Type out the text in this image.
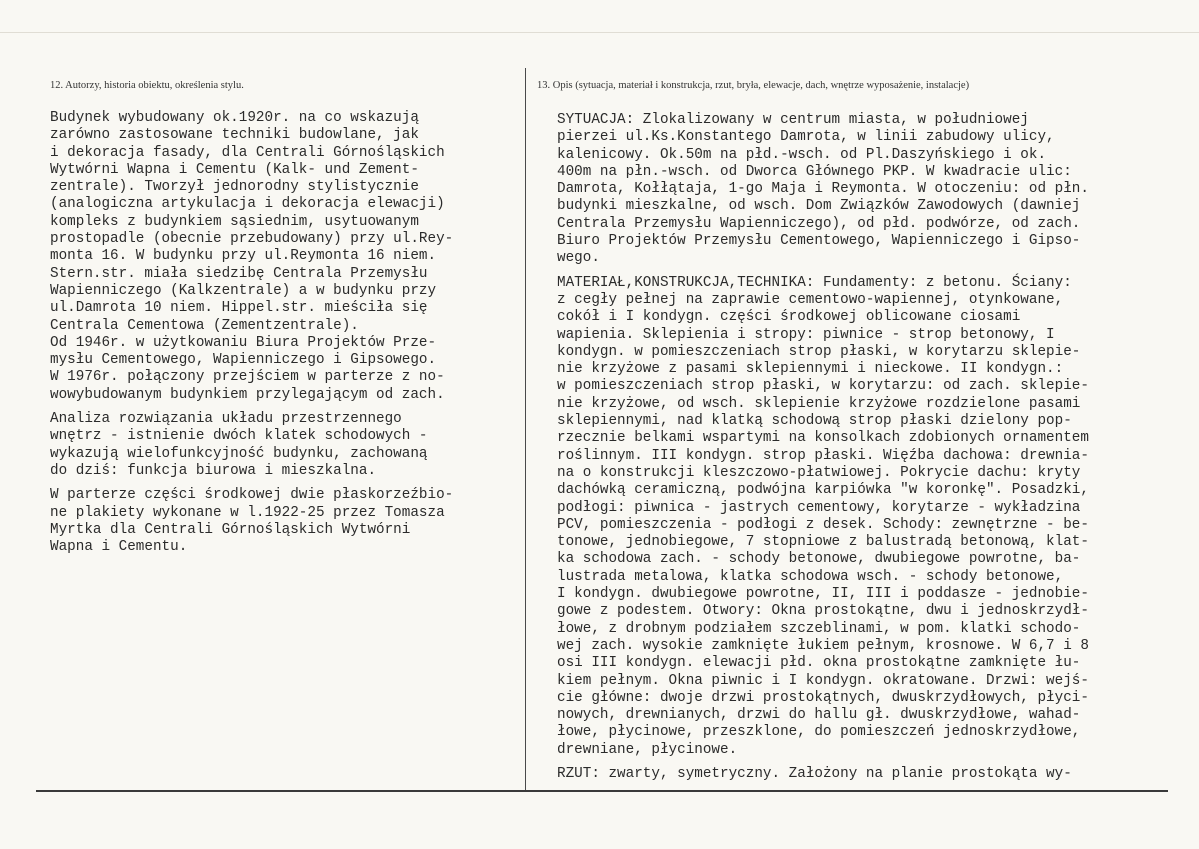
12. Autorzy, historia obiektu, określenia stylu.	13. Opis (sytuacja, materiał i konstrukcja, rzut, bryła, elewacje, dach, wnętrze wyposażenie, instalacje)
Budynek wybudowany ok.1920r. na co wskazują
zarówno zastosowane techniki budowlane, jak
i dekoracja fasady, dla Centrali Górnośląskich
Wytwórni Wapna i Cementu (Kalk- und Zement-
zentrale). Tworzył jednorodny stylistycznie
(analogiczna artykulacja i dekoracja elewacji)
kompleks z budynkiem sąsiednim, usytuowanym
prostopadle (obecnie przebudowany) przy ul.Rey-
monta 16. W budynku przy ul.Reymonta 16 niem.
Stern.str. miała siedzibę Centrala Przemysłu
Wapienniczego (Kalkzentrale) a w budynku przy
ul.Damrota 10 niem. Hippel.str. mieściła się
Centrala Cementowa (Zementzentrale).
Od 1946r. w użytkowaniu Biura Projektów Prze-
mysłu Cementowego, Wapienniczego i Gipsowego.
W 1976r. połączony przejściem w parterze z no-
wowybudowanym budynkiem przylegającym od zach.
Analiza rozwiązania układu przestrzennego
wnętrz - istnienie dwóch klatek schodowych -
wykazują wielofunkcyjność budynku, zachowaną
do dziś: funkcja biurowa i mieszkalna.
W parterze części środkowej dwie płaskorzeźbio-
ne plakiety wykonane w l.1922-25 przez Tomasza
Myrtka dla Centrali Górnośląskich Wytwórni
Wapna i Cementu.
SYTUACJA: Zlokalizowany w centrum miasta, w południowej
pierzei ul.Ks.Konstantego Damrota, w linii zabudowy ulicy,
kalenicowy. Ok.50m na płd.-wsch. od Pl.Daszyńskiego i ok.
400m na płn.-wsch. od Dworca Głównego PKP. W kwadracie ulic:
Damrota, Kołłątaja, 1-go Maja i Reymonta. W otoczeniu: od płn.
budynki mieszkalne, od wsch. Dom Związków Zawodowych (dawniej
Centrala Przemysłu Wapienniczego), od płd. podwórze, od zach.
Biuro Projektów Przemysłu Cementowego, Wapienniczego i Gipso-
wego.
MATERIAŁ,KONSTRUKCJA,TECHNIKA: Fundamenty: z betonu. Ściany:
z cegły pełnej na zaprawie cementowo-wapiennej, otynkowane,
cokół i I kondygn. części środkowej oblicowane ciosami
wapienia. Sklepienia i stropy: piwnice - strop betonowy, I
kondygn. w pomieszczeniach strop płaski, w korytarzu sklepie-
nie krzyżowe z pasami sklepiennymi i nieckowe. II kondygn.:
w pomieszczeniach strop płaski, w korytarzu: od zach. sklepie-
nie krzyżowe, od wsch. sklepienie krzyżowe rozdzielone pasami
sklepiennymi, nad klatką schodową strop płaski dzielony pop-
rzecznie belkami wspartymi na konsolkach zdobionych ornamentem
roślinnym. III kondygn. strop płaski. Więźba dachowa: drewnia-
na o konstrukcji kleszczowo-płatwiowej. Pokrycie dachu: kryty
dachówką ceramiczną, podwójna karpiówka "w koronkę". Posadzki,
podłogi: piwnica - jastrych cementowy, korytarze - wykładzina
PCV, pomieszczenia - podłogi z desek. Schody: zewnętrzne - be-
tonowe, jednobiegowe, 7 stopniowe z balustradą betonową, klat-
ka schodowa zach. - schody betonowe, dwubiegowe powrotne, ba-
lustrada metalowa, klatka schodowa wsch. - schody betonowe,
I kondygn. dwubiegowe powrotne, II, III i poddasze - jednobie-
gowe z podestem. Otwory: Okna prostokątne, dwu i jednoskrzydł-
łowe, z drobnym podziałem szczeblinami, w pom. klatki schodo-
wej zach. wysokie zamknięte łukiem pełnym, krosnowe. W 6,7 i 8
osi III kondygn. elewacji płd. okna prostokątne zamknięte łu-
kiem pełnym. Okna piwnic i I kondygn. okratowane. Drzwi: wejś-
cie główne: dwoje drzwi prostokątnych, dwuskrzydłowych, płyci-
nowych, drewnianych, drzwi do hallu gł. dwuskrzydłowe, wahad-
łowe, płycinowe, przeszklone, do pomieszczeń jednoskrzydłowe,
drewniane, płycinowe.
RZUT: zwarty, symetryczny. Założony na planie prostokąta wy-
